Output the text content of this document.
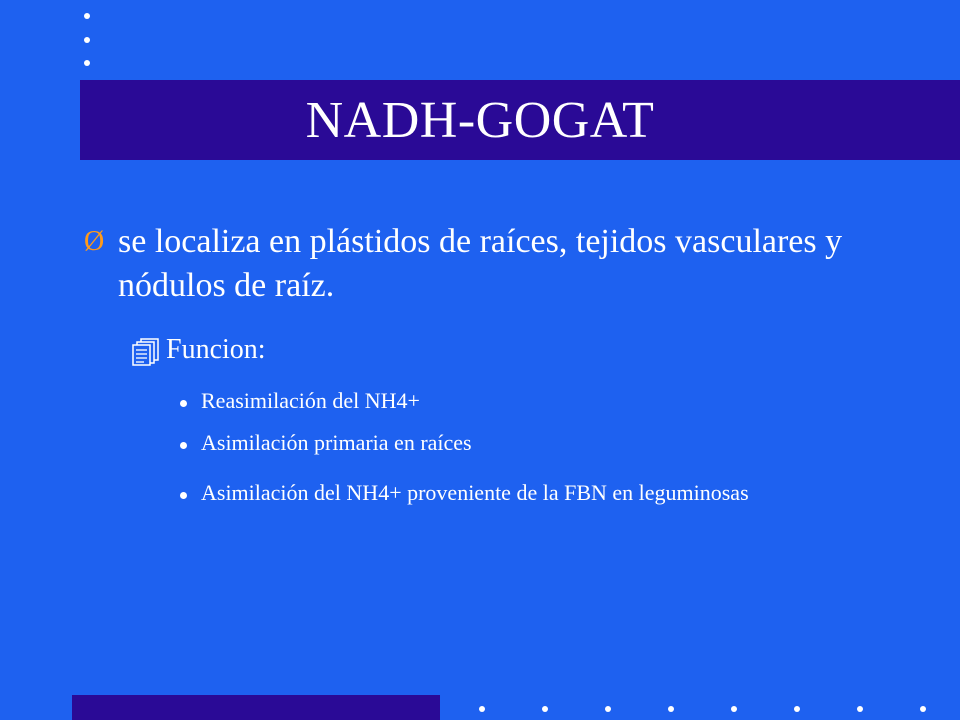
NADH-GOGAT
Ø se localiza en plástidos de raíces, tejidos vasculares y nódulos de raíz.
Funcion:
Reasimilación del NH4+
Asimilación primaria en raíces
Asimilación del NH4+ proveniente de la FBN en leguminosas
